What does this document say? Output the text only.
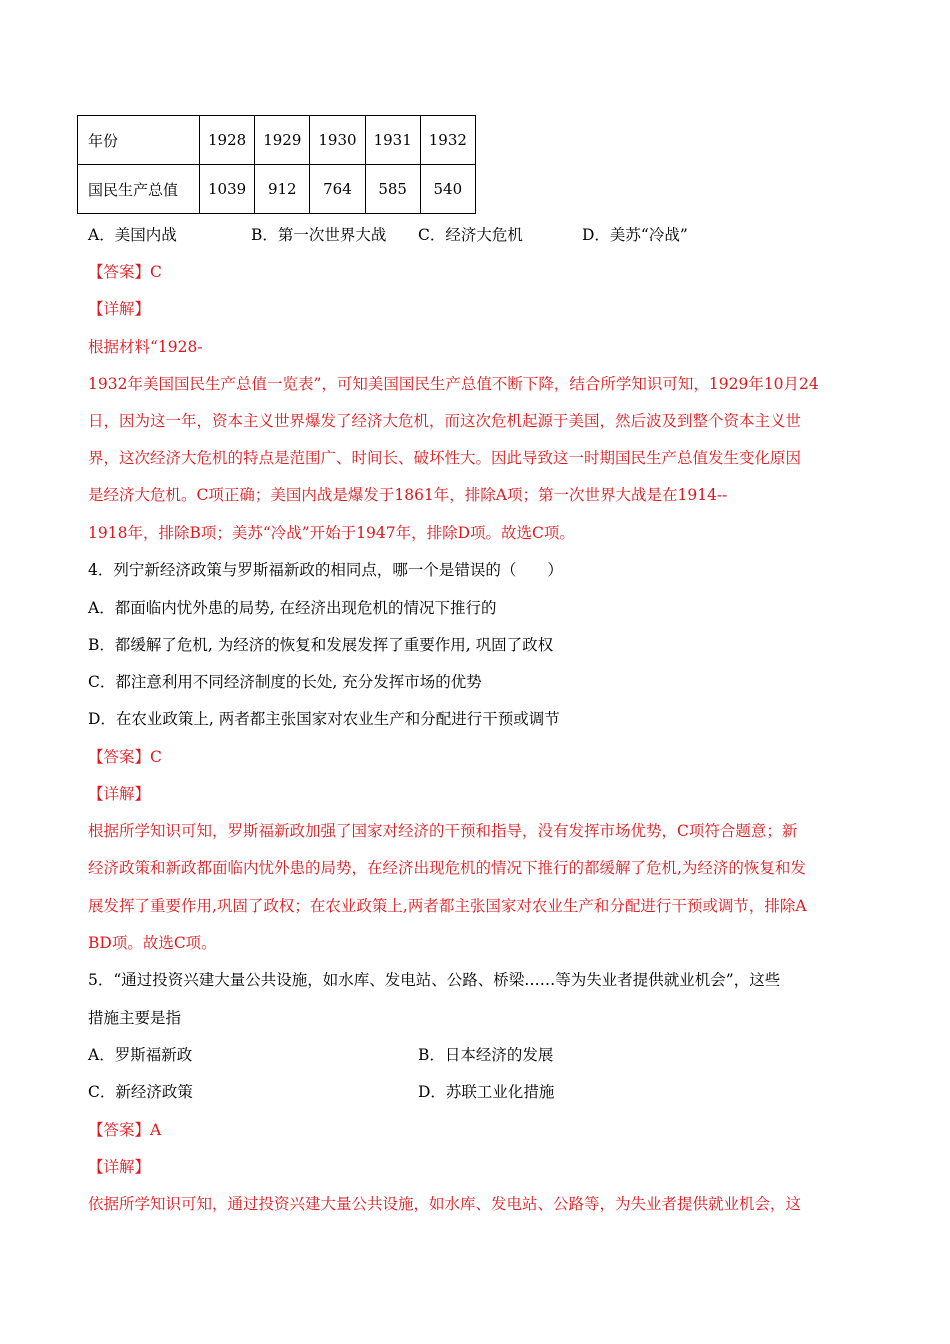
年份	1928	1929	1930	1931	1932
国民生产总值	1039	912	764	585	540
A．美国内战	B．第一次世界大战 C．经济大危机	D．美苏“冷战”
【答案】C
【详解】
根据材料“1928-
1932年美国国民生产总值一览表”，可知美国国民生产总值不断下降，结合所学知识可知，1929年10月24
日，因为这一年，资本主义世界爆发了经济大危机，而这次危机起源于美国，然后波及到整个资本主义世
界，这次经济大危机的特点是范围广、时间长、破坏性大。因此导致这一时期国民生产总值发生变化原因
是经济大危机。C项正确；美国内战是爆发于1861年，排除A项；第一次世界大战是在1914--
1918年，排除B项；美苏“冷战”开始于1947年，排除D项。故选C项。
4．列宁新经济政策与罗斯福新政的相同点，哪一个是错误的（　　）
A．都面临内忧外患的局势, 在经济出现危机的情况下推行的
B．都缓解了危机, 为经济的恢复和发展发挥了重要作用, 巩固了政权
C．都注意利用不同经济制度的长处, 充分发挥市场的优势
D．在农业政策上, 两者都主张国家对农业生产和分配进行干预或调节
【答案】C
【详解】
根据所学知识可知，罗斯福新政加强了国家对经济的干预和指导，没有发挥市场优势，C项符合题意；新
经济政策和新政都面临内忧外患的局势，在经济出现危机的情况下推行的都缓解了危机,为经济的恢复和发
展发挥了重要作用,巩固了政权；在农业政策上,两者都主张国家对农业生产和分配进行干预或调节，排除A
BD项。故选C项。
5．“通过投资兴建大量公共设施，如水库、发电站、公路、桥梁……等为失业者提供就业机会”，这些
措施主要是指
A．罗斯福新政	B．日本经济的发展
C．新经济政策	D．苏联工业化措施
【答案】A
【详解】
依据所学知识可知，通过投资兴建大量公共设施，如水库、发电站、公路等，为失业者提供就业机会，这
